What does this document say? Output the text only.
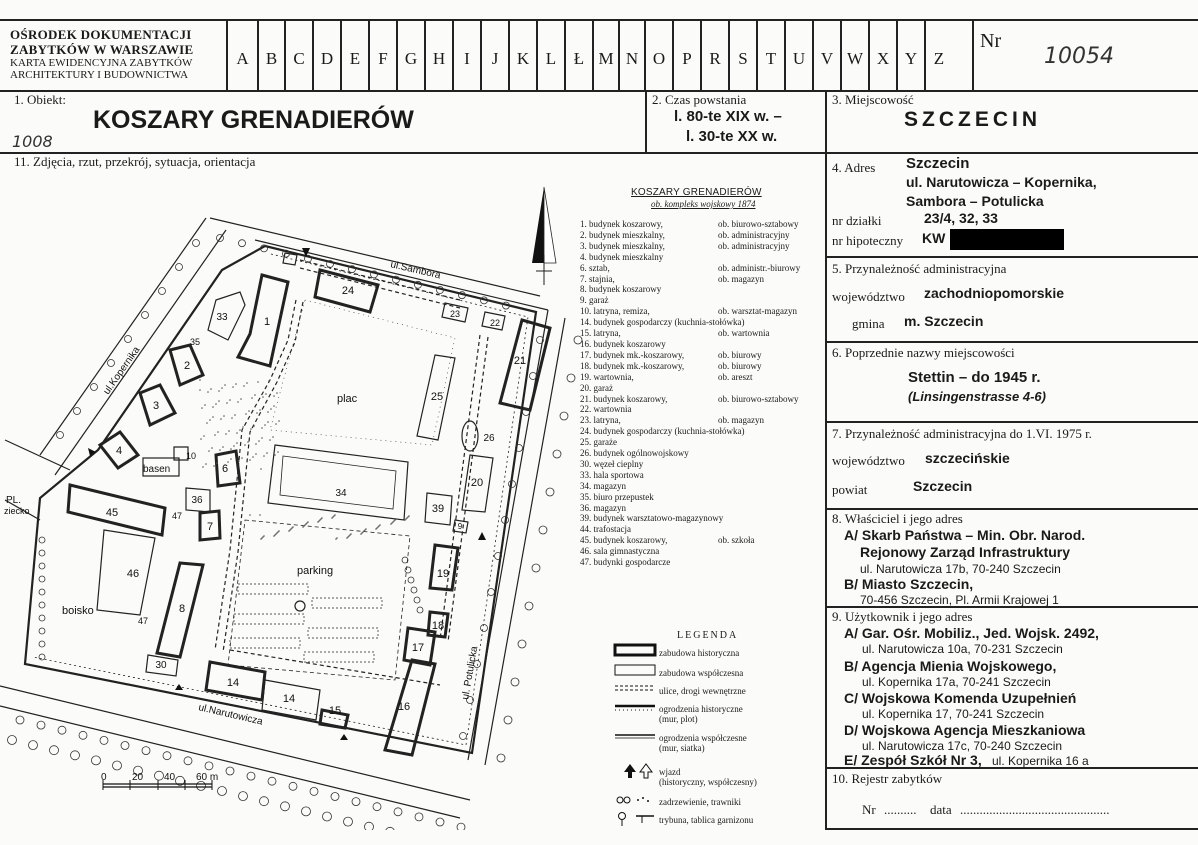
OŚRODEK DOKUMENTACJI
ZABYTKÓW W WARSZAWIE
KARTA EWIDENCYJNA ZABYTKÓW
ARCHITEKTURY I BUDOWNICTWA
A	B C D E	F	G H	I	J	K L	Ł M N O	P	R	S	T U V W X Y Z
Nr
10054
1. Obiekt:
KOSZARY GRENADIERÓW
1008
2. Czas powstania
l. 80-te XIX w. –
l. 30-te XX w.
3. Miejscowość
SZCZECIN
11. Zdjęcia, rzut, przekrój, sytuacja, orientacja	4. Adres Szczecin
ul. Narutowicza – Kopernika,
Sambora – Potulicka
nr działki	23/4, 32, 33
nr hipoteczny KW
5. Przynależność administracyjna
województwo zachodniopomorskie
gmina m. Szczecin
6. Poprzednie nazwy miejscowości
Stettin – do 1945 r.
(Linsingenstrasse 4-6)
7. Przynależność administracyjna do 1.VI. 1975 r.
województwo szczecińskie
powiat	Szczecin
8. Właściciel i jego adres
A/ Skarb Państwa – Min. Obr. Narod.
Rejonowy Zarząd Infrastruktury
ul. Narutowicza 17b, 70-240 Szczecin
B/ Miasto Szczecin,
70-456 Szczecin, Pl. Armii Krajowej 1
9. Użytkownik i jego adres
A/ Gar. Ośr. Mobiliz., Jed. Wojsk. 2492,
ul. Narutowicza 10a, 70-231 Szczecin
B/ Agencja Mienia Wojskowego,
ul. Kopernika 17a, 70-241 Szczecin
C/ Wojskowa Komenda Uzupełnień
ul. Kopernika 17, 70-241 Szczecin
D/ Wojskowa Agencja Mieszkaniowa
ul. Narutowicza 17c, 70-240 Szczecin
E/ Zespół Szkół Nr 3, ul. Kopernika 16 a
10. Rejestr zabytków
Nr .......... data ..............................................
KOSZARY GRENADIERÓW
ob. kompleks wojskowy 1874
1. budynek koszarowy,	ob. biurowo-sztabowy
2. budynek mieszkalny,	ob. administracyjny
3. budynek mieszkalny,	ob. administracyjny
4. budynek mieszkalny
6. sztab,	ob. administr.-biurowy
7. stajnia,	ob. magazyn
8. budynek koszarowy
9. garaż
10. latryna, remiza,	ob. warsztat-magazyn
14. budynek gospodarczy (kuchnia-stołówka)
15. latryna,	ob. wartownia
16. budynek koszarowy
17. budynek mk.-koszarowy,	ob. biurowy
18. budynek mk.-koszarowy,	ob. biurowy
19. wartownia,	ob. areszt
20. garaż
21. budynek koszarowy,	ob. biurowo-sztabowy
22. wartownia
23. latryna,	ob. magazyn
24. budynek gospodarczy (kuchnia-stołówka)
25. garaże
26. budynek ogólnowojskowy
30. węzeł cieplny
33. hala sportowa
34. magazyn
35. biuro przepustek
36. magazyn
39. budynek warsztatowo-magazynowy
44. trafostacja
45. budynek koszarowy,	ob. szkoła
46. sala gimnastyczna
47. budynki gospodarcze
LEGENDA
zabudowa historyczna
zabudowa współczesna
ulice, drogi wewnętrzne
ogrodzenia historyczne
(mur, plot)
ogrodzenia współczesne
(mur, siatka)
wjazd
(historyczny, współczesny)
zadrzewienie, trawniki
trybuna, tablica garnizonu
1
2
3
4
6
7
8
10
14
14
15	16
17
18
19
20
21
22
23
24
25
26
30
33
34
35
36
39
45
46
47
47
9
plac
parking
boisko
basen
ul.Sambora
ul.Kopernika
ul.Narutowicza
ul. Potulicka
PL.
ziecko
0	20 40 60 m
